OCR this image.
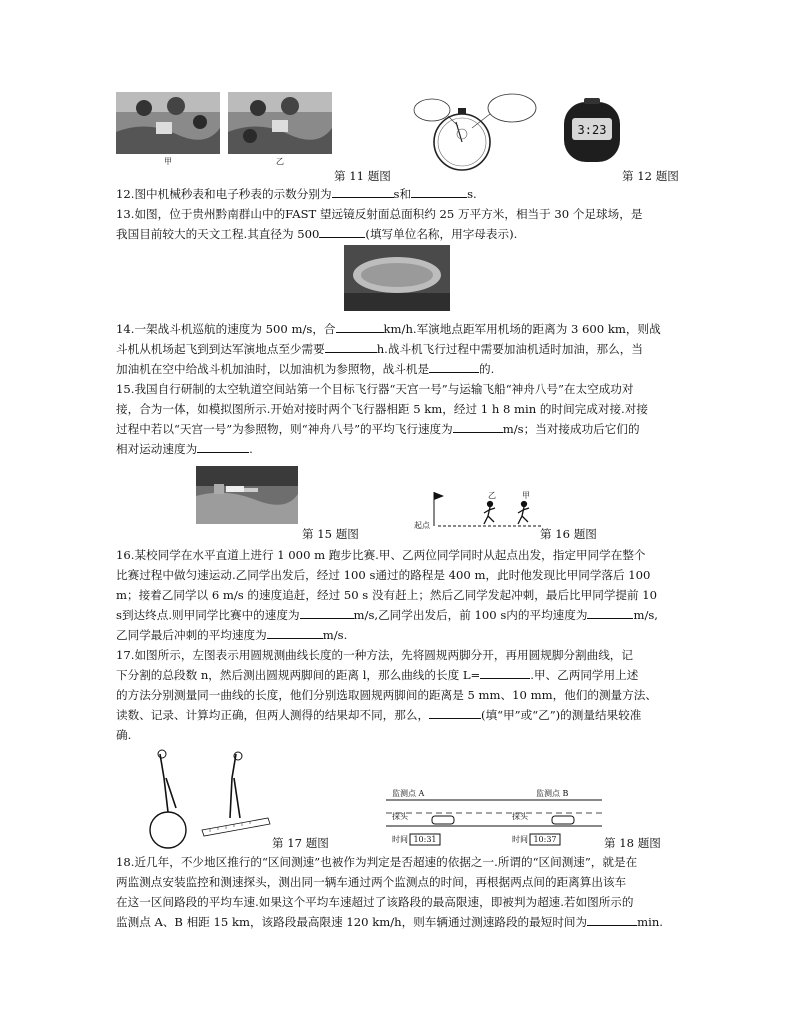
甲	乙
第 11 题图
3:23
第 12 题图
12.图中机械秒表和电子秒表的示数分别为	s和	s.
13.如图，位于贵州黔南群山中的FAST 望远镜反射面总面积约 25 万平方米，相当于 30 个足球场，是
我国目前较大的天文工程.其直径为 500	(填写单位名称，用字母表示).
14.一架战斗机巡航的速度为 500 m/s，合	km/h.军演地点距军用机场的距离为 3 600 km，则战
斗机从机场起飞到到达军演地点至少需要	h.战斗机飞行过程中需要加油机适时加油，那么，当
加油机在空中给战斗机加油时，以加油机为参照物，战斗机是	的.
15.我国自行研制的太空轨道空间站第一个目标飞行器“天宫一号”与运输飞船“神舟八号”在太空成功对
接，合为一体，如模拟图所示.开始对接时两个飞行器相距 5 km，经过 1 h 8 min 的时间完成对接.对接
过程中若以“天宫一号”为参照物，则“神舟八号”的平均飞行速度为	m/s；当对接成功后它们的
相对运动速度为	.
第 15 题图
起点
乙	甲
第 16 题图
16.某校同学在水平直道上进行 1 000 m 跑步比赛.甲、乙两位同学同时从起点出发，指定甲同学在整个
比赛过程中做匀速运动.乙同学出发后，经过 100 s通过的路程是 400 m，此时他发现比甲同学落后 100
m；接着乙同学以 6 m/s 的速度追赶，经过 50 s 没有赶上；然后乙同学发起冲刺，最后比甲同学提前 10
s到达终点.则甲同学比赛中的速度为	m/s,乙同学出发后，前 100 s内的平均速度为	m/s,
乙同学最后冲刺的平均速度为	m/s.
17.如图所示，左图表示用圆规测曲线长度的一种方法，先将圆规两脚分开，再用圆规脚分割曲线，记
下分割的总段数 n，然后测出圆规两脚间的距离 l，那么曲线的长度 L=	.甲、乙两同学用上述
的方法分别测量同一曲线的长度，他们分别选取圆规两脚间的距离是 5 mm、10 mm，他们的测量方法、
读数、记录、计算均正确，但两人测得的结果却不同，那么，	(填“甲”或“乙”)的测量结果较准
确.
第 17 题图
监测点 A	监测点 B
探头	探头
时间 10:31	时间 10:37	第 18 题图
18.近几年，不少地区推行的“区间测速”也被作为判定是否超速的依据之一.所谓的“区间测速”，就是在
两监测点安装监控和测速探头，测出同一辆车通过两个监测点的时间，再根据两点间的距离算出该车
在这一区间路段的平均车速.如果这个平均车速超过了该路段的最高限速，即被判为超速.若如图所示的
监测点 A、B 相距 15 km，该路段最高限速 120 km/h，则车辆通过测速路段的最短时间为	min.
